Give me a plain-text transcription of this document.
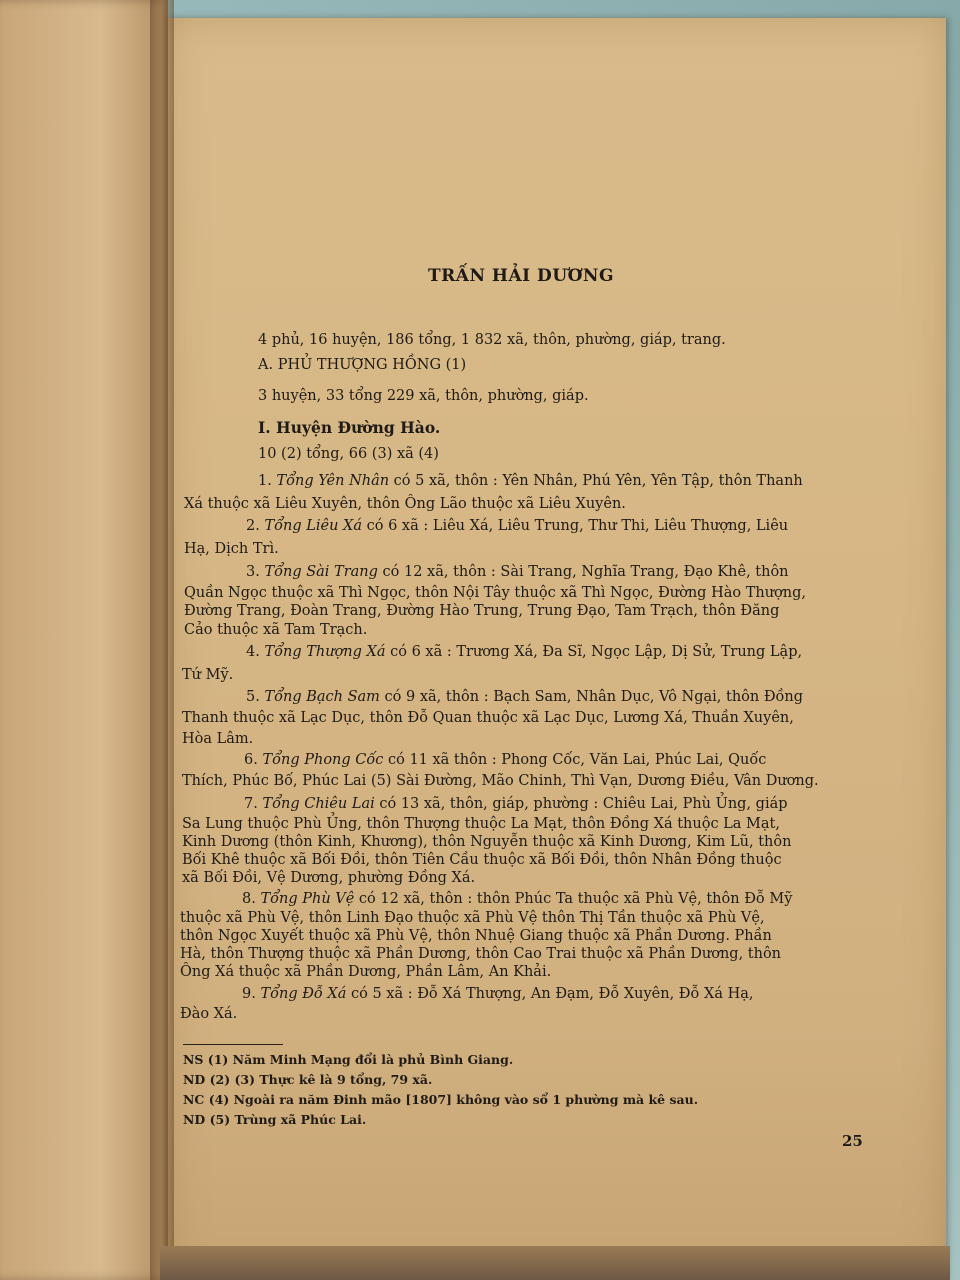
TRẤN HẢI DƯƠNG
4 phủ, 16 huyện, 186 tổng, 1 832 xã, thôn, phường, giáp, trang.
A. PHỦ THƯỢNG HỒNG (1)
3 huyện, 33 tổng 229 xã, thôn, phường, giáp.
I. Huyện Đường Hào.
10 (2) tổng, 66 (3) xã (4)
1. Tổng Yên Nhân có 5 xã, thôn : Yên Nhân, Phú Yên, Yên Tập, thôn Thanh
Xá thuộc xã Liêu Xuyên, thôn Ông Lão thuộc xã Liêu Xuyên.
2. Tổng Liêu Xá có 6 xã : Liêu Xá, Liêu Trung, Thư Thi, Liêu Thượng, Liêu
Hạ, Dịch Trì.
3. Tổng Sài Trang có 12 xã, thôn : Sài Trang, Nghĩa Trang, Đạo Khê, thôn
Quần Ngọc thuộc xã Thì Ngọc, thôn Nội Tây thuộc xã Thì Ngọc, Đường Hào Thượng,
Đường Trang, Đoàn Trang, Đường Hào Trung, Trung Đạo, Tam Trạch, thôn Đăng
Cảo thuộc xã Tam Trạch.
4. Tổng Thượng Xá có 6 xã : Trương Xá, Đa Sĩ, Ngọc Lập, Dị Sử, Trung Lập,
Tứ Mỹ.
5. Tổng Bạch Sam có 9 xã, thôn : Bạch Sam, Nhân Dục, Vô Ngại, thôn Đồng
Thanh thuộc xã Lạc Dục, thôn Đỗ Quan thuộc xã Lạc Dục, Lương Xá, Thuần Xuyên,
Hòa Lâm.
6. Tổng Phong Cốc có 11 xã thôn : Phong Cốc, Văn Lai, Phúc Lai, Quốc
Thích, Phúc Bố, Phúc Lai (5) Sài Đường, Mão Chinh, Thì Vạn, Dương Điều, Vân Dương.
7. Tổng Chiêu Lai có 13 xã, thôn, giáp, phường : Chiêu Lai, Phù Ủng, giáp
Sa Lung thuộc Phù Ủng, thôn Thượng thuộc La Mạt, thôn Đồng Xá thuộc La Mạt,
Kinh Dương (thôn Kinh, Khương), thôn Nguyễn thuộc xã Kinh Dương, Kim Lũ, thôn
Bối Khê thuộc xã Bối Đồi, thôn Tiên Cầu thuộc xã Bối Đồi, thôn Nhân Đồng thuộc
xã Bối Đồi, Vệ Dương, phường Đồng Xá.
8. Tổng Phù Vệ có 12 xã, thôn : thôn Phúc Ta thuộc xã Phù Vệ, thôn Đỗ Mỹ
thuộc xã Phù Vệ, thôn Linh Đạo thuộc xã Phù Vệ thôn Thị Tần thuộc xã Phù Vệ,
thôn Ngọc Xuyết thuộc xã Phù Vệ, thôn Nhuệ Giang thuộc xã Phần Dương. Phần
Hà, thôn Thượng thuộc xã Phần Dương, thôn Cao Trai thuộc xã Phần Dương, thôn
Ông Xá thuộc xã Phần Dương, Phần Lâm, An Khải.
9. Tổng Đỗ Xá có 5 xã : Đỗ Xá Thượng, An Đạm, Đỗ Xuyên, Đỗ Xá Hạ,
Đào Xá.
NS (1) Năm Minh Mạng đổi là phủ Bình Giang.
ND (2) (3) Thực kê là 9 tổng, 79 xã.
NC (4) Ngoài ra năm Đinh mão [1807] không vào sổ 1 phường mà kê sau.
ND (5) Trùng xã Phúc Lai.
25
